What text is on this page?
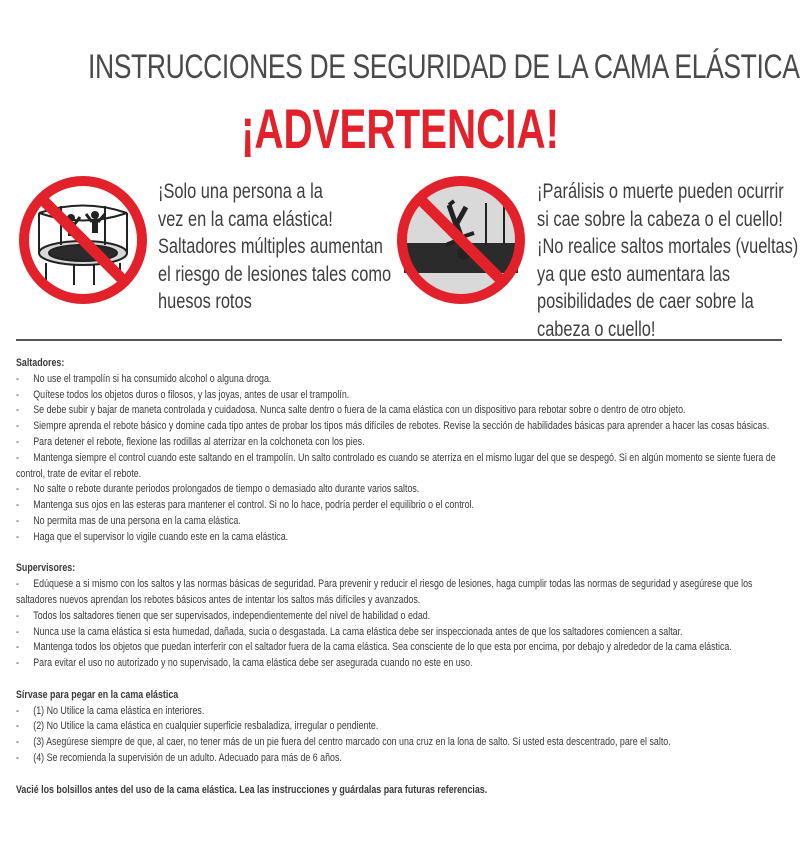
INSTRUCCIONES DE SEGURIDAD DE LA CAMA ELÁSTICA
¡ADVERTENCIA!
¡Solo una persona a la
vez en la cama elástica!
Saltadores múltiples aumentan
el riesgo de lesiones tales como
huesos rotos
¡Parálisis o muerte pueden ocurrir
si cae sobre la cabeza o el cuello!
¡No realice saltos mortales (vueltas)
ya que esto aumentara las
posibilidades de caer sobre la
cabeza o cuello!
Saltadores:
- No use el trampolín si ha consumido alcohol o alguna droga.
- Quítese todos los objetos duros o filosos, y las joyas, antes de usar el trampolín.
- Se debe subir y bajar de maneta controlada y cuidadosa. Nunca salte dentro o fuera de la cama elástica con un dispositivo para rebotar sobre o dentro de otro objeto.
- Siempre aprenda el rebote básico y domine cada tipo antes de probar los tipos más difíciles de rebotes. Revise la sección de habilidades básicas para aprender a hacer las cosas básicas.
- Para detener el rebote, flexione las rodillas al aterrizar en la colchoneta con los pies.
- Mantenga siempre el control cuando este saltando en el trampolín. Un salto controlado es cuando se aterriza en el mismo lugar del que se despegó. Si en algún momento se siente fuera de control, trate de evitar el rebote.
- No salte o rebote durante periodos prolongados de tiempo o demasiado alto durante varios saltos.
- Mantenga sus ojos en las esteras para mantener el control. Si no lo hace, podría perder el equilibrio o el control.
- No permita mas de una persona en la cama elástica.
- Haga que el supervisor lo vigile cuando este en la cama elástica.
Supervisores:
- Edúquese a si mismo con los saltos y las normas básicas de seguridad. Para prevenir y reducir el riesgo de lesiones, haga cumplir todas las normas de seguridad y asegúrese que los saltadores nuevos aprendan los rebotes básicos antes de intentar los saltos más difíciles y avanzados.
- Todos los saltadores tienen que ser supervisados, independientemente del nivel de habilidad o edad.
- Nunca use la cama elástica si esta humedad, dañada, sucia o desgastada. La cama elástica debe ser inspeccionada antes de que los saltadores comiencen a saltar.
- Mantenga todos los objetos que puedan interferir con el saltador fuera de la cama elástica. Sea consciente de lo que esta por encima, por debajo y alrededor de la cama elástica.
- Para evitar el uso no autorizado y no supervisado, la cama elástica debe ser asegurada cuando no este en uso.
Sírvase para pegar en la cama elástica
- (1) No Utilice la cama elástica en interiores.
- (2) No Utilice la cama elástica en cualquier superficie resbaladiza, irregular o pendiente.
- (3) Asegúrese siempre de que, al caer, no tener más de un pie fuera del centro marcado con una cruz en la lona de salto. Si usted esta descentrado, pare el salto.
- (4) Se recomienda la supervisión de un adulto. Adecuado para más de 6 años.
Vacié los bolsillos antes del uso de la cama elástica. Lea las instrucciones y guárdalas para futuras referencias.
